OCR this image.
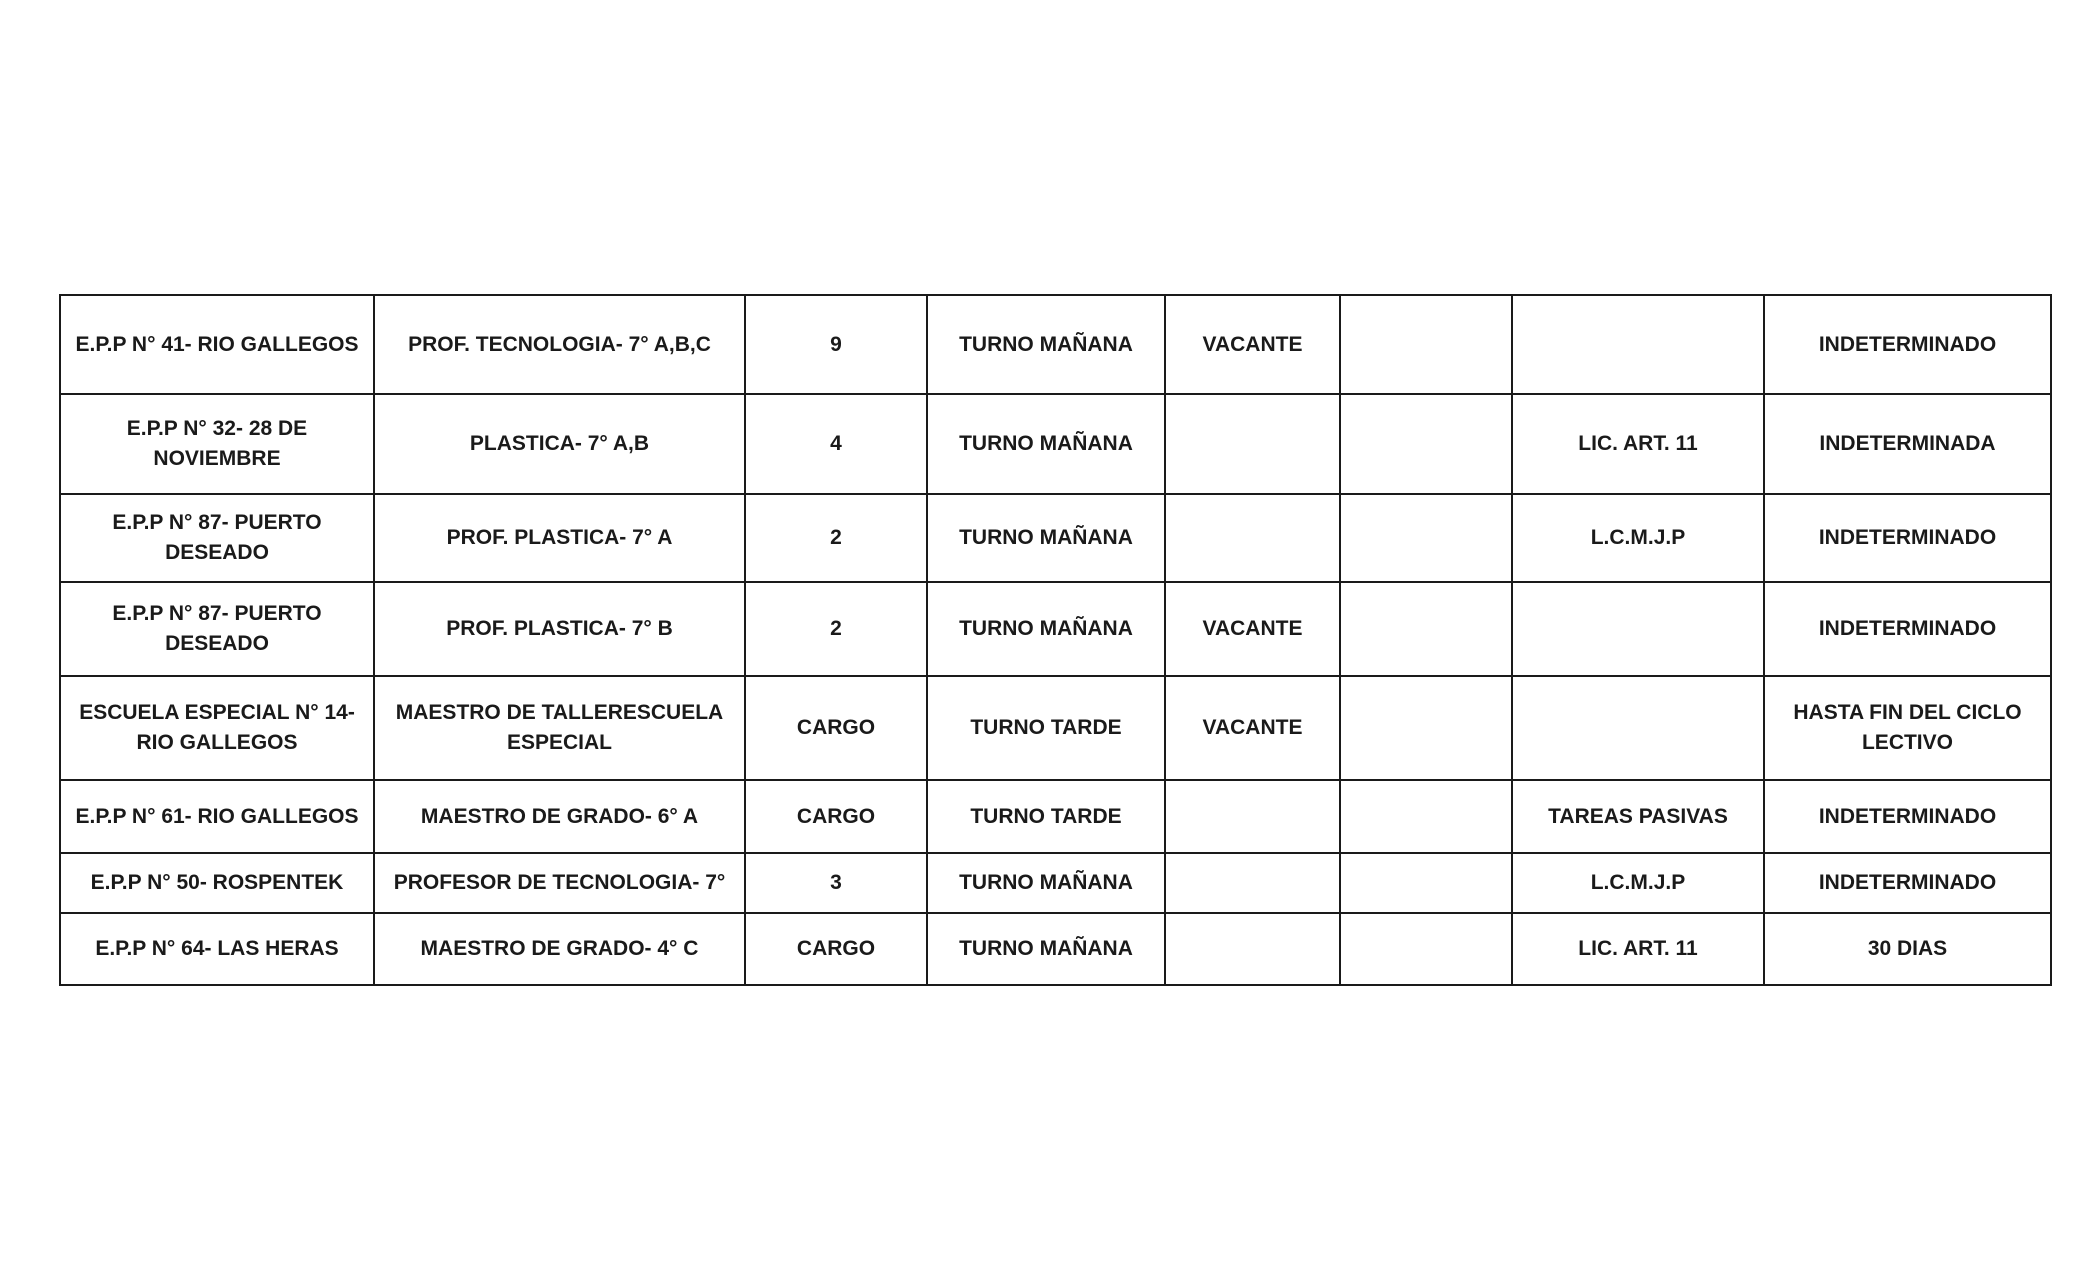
E.P.P N° 41- RIO GALLEGOS	PROF. TECNOLOGIA- 7° A,B,C	9	TURNO MAÑANA	VACANTE			INDETERMINADO
E.P.P N° 32- 28 DE NOVIEMBRE	PLASTICA- 7° A,B	4	TURNO MAÑANA			LIC. ART. 11	INDETERMINADA
E.P.P N° 87- PUERTO DESEADO	PROF. PLASTICA- 7° A	2	TURNO MAÑANA			L.C.M.J.P	INDETERMINADO
E.P.P N° 87- PUERTO DESEADO	PROF. PLASTICA- 7° B	2	TURNO MAÑANA	VACANTE			INDETERMINADO
ESCUELA ESPECIAL N° 14- RIO GALLEGOS	MAESTRO DE TALLERESCUELA ESPECIAL	CARGO	TURNO TARDE	VACANTE			HASTA FIN DEL CICLO LECTIVO
E.P.P N° 61- RIO GALLEGOS	MAESTRO DE GRADO- 6° A	CARGO	TURNO TARDE			TAREAS PASIVAS	INDETERMINADO
E.P.P N° 50- ROSPENTEK	PROFESOR DE TECNOLOGIA- 7°	3	TURNO MAÑANA			L.C.M.J.P	INDETERMINADO
E.P.P N° 64- LAS HERAS	MAESTRO DE GRADO- 4° C	CARGO	TURNO MAÑANA			LIC. ART. 11	30 DIAS
